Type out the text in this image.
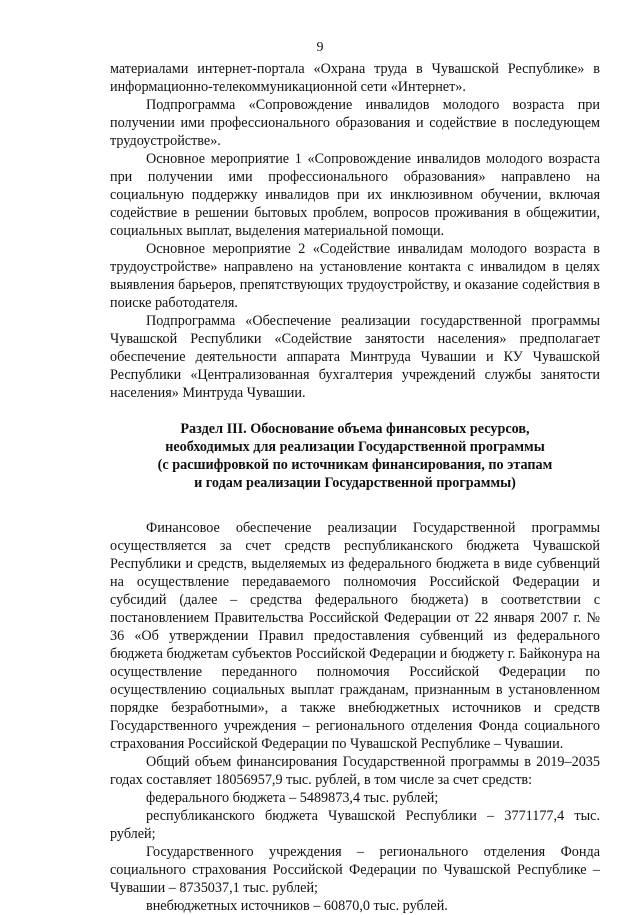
9

материалами интернет-портала «Охрана труда в Чувашской Республике» в информационно-телекоммуникационной сети «Интернет».

Подпрограмма «Сопровождение инвалидов молодого возраста при получении ими профессионального образования и содействие в последующем трудоустройстве».

Основное мероприятие 1 «Сопровождение инвалидов молодого возраста при получении ими профессионального образования» направлено на социальную поддержку инвалидов при их инклюзивном обучении, включая содействие в решении бытовых проблем, вопросов проживания в общежитии, социальных выплат, выделения материальной помощи.

Основное мероприятие 2 «Содействие инвалидам молодого возраста в трудоустройстве» направлено на установление контакта с инвалидом в целях выявления барьеров, препятствующих трудоустройству, и оказание содействия в поиске работодателя.

Подпрограмма «Обеспечение реализации государственной программы Чувашской Республики «Содействие занятости населения» предполагает обеспечение деятельности аппарата Минтруда Чувашии и КУ Чувашской Республики «Централизованная бухгалтерия учреждений службы занятости населения» Минтруда Чувашии.

Раздел III. Обоснование объема финансовых ресурсов,
необходимых для реализации Государственной программы
(с расшифровкой по источникам финансирования, по этапам
и годам реализации Государственной программы)

Финансовое обеспечение реализации Государственной программы осуществляется за счет средств республиканского бюджета Чувашской Республики и средств, выделяемых из федерального бюджета в виде субвенций на осуществление передаваемого полномочия Российской Федерации и субсидий (далее – средства федерального бюджета) в соответствии с постановлением Правительства Российской Федерации от 22 января 2007 г. № 36 «Об утверждении Правил предоставления субвенций из федерального бюджета бюджетам субъектов Российской Федерации и бюджету г. Байконура на осуществление переданного полномочия Российской Федерации по осуществлению социальных выплат гражданам, признанным в установленном порядке безработными», а также внебюджетных источников и средств Государственного учреждения – регионального отделения Фонда социального страхования Российской Федерации по Чувашской Республике – Чувашии.

Общий объем финансирования Государственной программы в 2019–2035 годах составляет 18056957,9 тыс. рублей, в том числе за счет средств:

федерального бюджета – 5489873,4 тыс. рублей;

республиканского бюджета Чувашской Республики – 3771177,4 тыс. рублей;

Государственного учреждения – регионального отделения Фонда социального страхования Российской Федерации по Чувашской Республике – Чувашии – 8735037,1 тыс. рублей;

внебюджетных источников – 60870,0 тыс. рублей.
